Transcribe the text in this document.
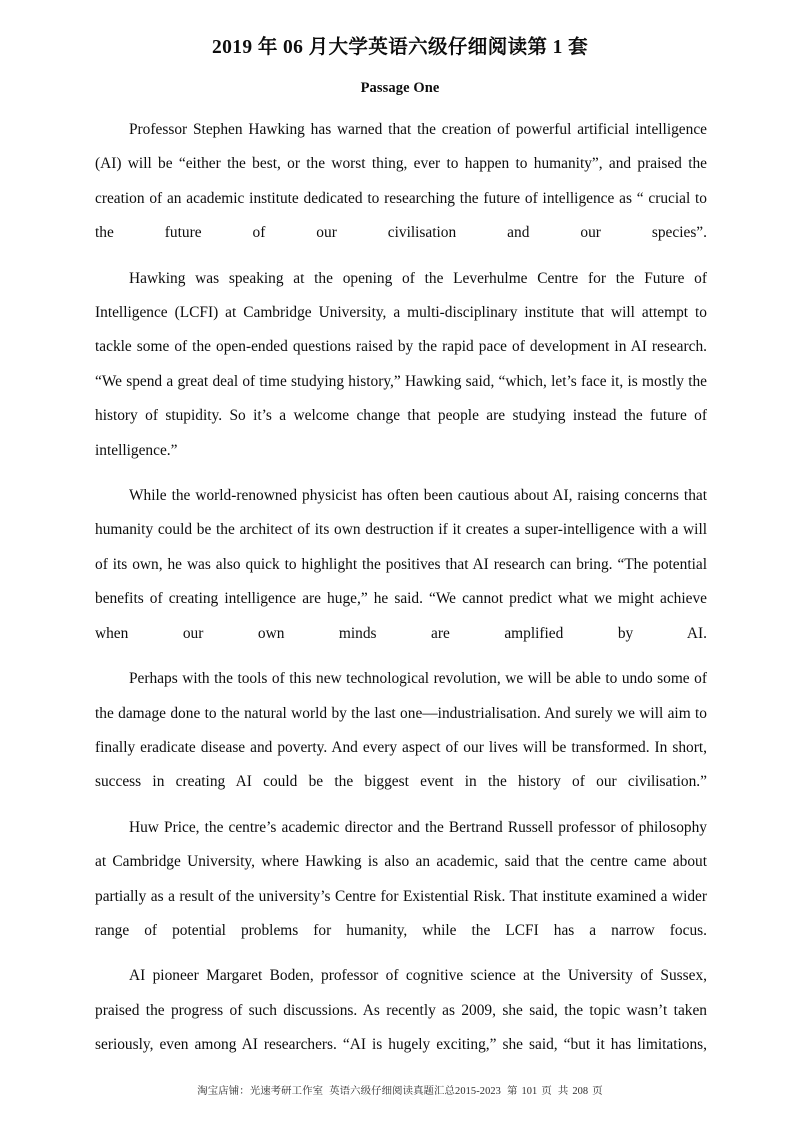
2019 年 06 月大学英语六级仔细阅读第 1 套
Passage One

Professor Stephen Hawking has warned that the creation of powerful artificial intelligence (AI) will be “either the best, or the worst thing, ever to happen to humanity”, and praised the creation of an academic institute dedicated to researching the future of intelligence as “ crucial to the future of our civilisation and our species”.

Hawking was speaking at the opening of the Leverhulme Centre for the Future of Intelligence (LCFI) at Cambridge University, a multi-disciplinary institute that will attempt to tackle some of the open-ended questions raised by the rapid pace of development in AI research. “We spend a great deal of time studying history,” Hawking said, “which, let’s face it, is mostly the history of stupidity. So it’s a welcome change that people are studying instead the future of intelligence.”

While the world-renowned physicist has often been cautious about AI, raising concerns that humanity could be the architect of its own destruction if it creates a super-intelligence with a will of its own, he was also quick to highlight the positives that AI research can bring. “The potential benefits of creating intelligence are huge,” he said. “We cannot predict what we might achieve when our own minds are amplified by AI.

Perhaps with the tools of this new technological revolution, we will be able to undo some of the damage done to the natural world by the last one—industrialisation. And surely we will aim to finally eradicate disease and poverty. And every aspect of our lives will be transformed. In short, success in creating AI could be the biggest event in the history of our civilisation.”

Huw Price, the centre’s academic director and the Bertrand Russell professor of philosophy at Cambridge University, where Hawking is also an academic, said that the centre came about partially as a result of the university’s Centre for Existential Risk. That institute examined a wider range of potential problems for humanity, while the LCFI has a narrow focus.

AI pioneer Margaret Boden, professor of cognitive science at the University of Sussex, praised the progress of such discussions. As recently as 2009, she said, the topic wasn’t taken seriously, even among AI researchers. “AI is hugely exciting,” she said, “but it has limitations,

淘宝店铺：光速考研工作室 英语六级仔细阅读真题汇总2015-2023 第 101 页 共 208 页
